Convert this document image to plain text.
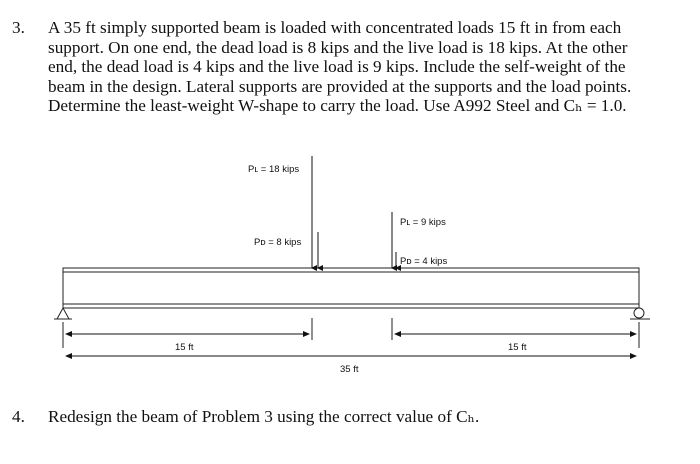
3. A 35 ft simply supported beam is loaded with concentrated loads 15 ft in from each
support. On one end, the dead load is 8 kips and the live load is 18 kips. At the other
end, the dead load is 4 kips and the live load is 9 kips. Include the self-weight of the
beam in the design. Lateral supports are provided at the supports and the load points.
Determine the least-weight W-shape to carry the load. Use A992 Steel and Cₕ = 1.0.
Pʟ = 18 kips
Pᴅ = 8 kips
Pʟ = 9 kips
Pᴅ = 4 kips
15 ft	15 ft
35 ft
4. Redesign the beam of Problem 3 using the correct value of Cₕ.
